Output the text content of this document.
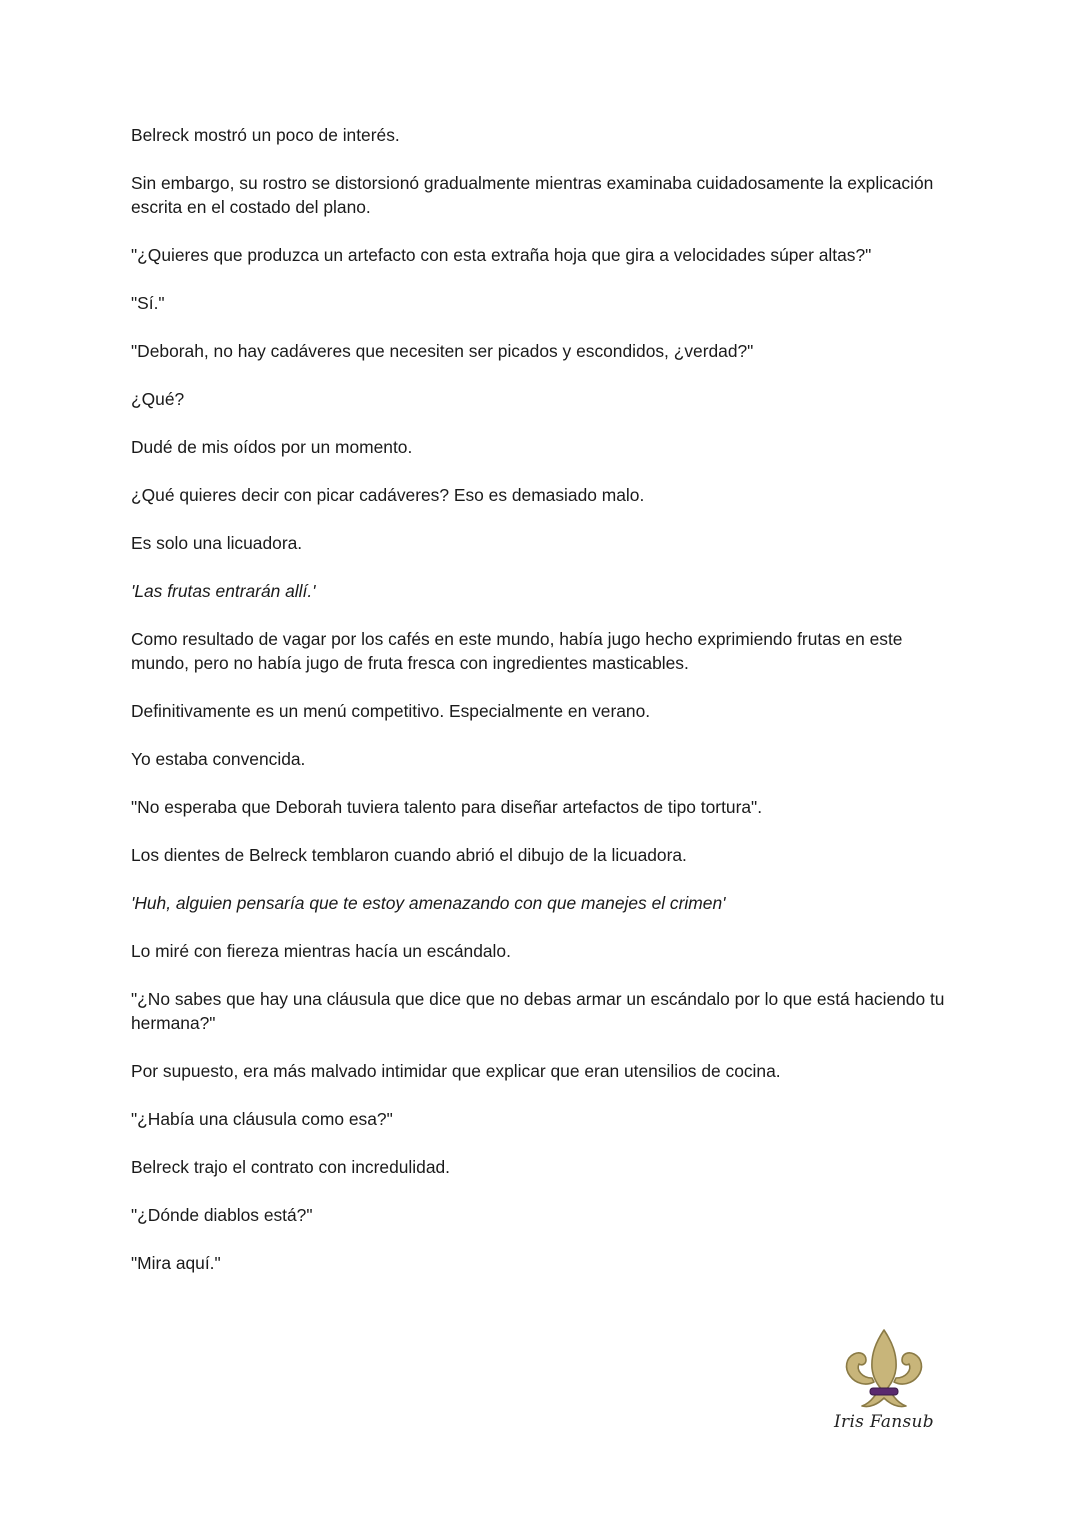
Belreck mostró un poco de interés.

Sin embargo, su rostro se distorsionó gradualmente mientras examinaba cuidadosamente la explicación escrita en el costado del plano.

"¿Quieres que produzca un artefacto con esta extraña hoja que gira a velocidades súper altas?"

"Sí."

"Deborah, no hay cadáveres que necesiten ser picados y escondidos, ¿verdad?"

¿Qué?

Dudé de mis oídos por un momento.

¿Qué quieres decir con picar cadáveres? Eso es demasiado malo.

Es solo una licuadora.

'Las frutas entrarán allí.'

Como resultado de vagar por los cafés en este mundo, había jugo hecho exprimiendo frutas en este mundo, pero no había jugo de fruta fresca con ingredientes masticables.

Definitivamente es un menú competitivo. Especialmente en verano.

Yo estaba convencida.

"No esperaba que Deborah tuviera talento para diseñar artefactos de tipo tortura".

Los dientes de Belreck temblaron cuando abrió el dibujo de la licuadora.

'Huh, alguien pensaría que te estoy amenazando con que manejes el crimen'

Lo miré con fiereza mientras hacía un escándalo.

"¿No sabes que hay una cláusula que dice que no debas armar un escándalo por lo que está haciendo tu hermana?"

Por supuesto, era más malvado intimidar que explicar que eran utensilios de cocina.

"¿Había una cláusula como esa?"

Belreck trajo el contrato con incredulidad.

"¿Dónde diablos está?"

"Mira aquí."

Iris Fansub
